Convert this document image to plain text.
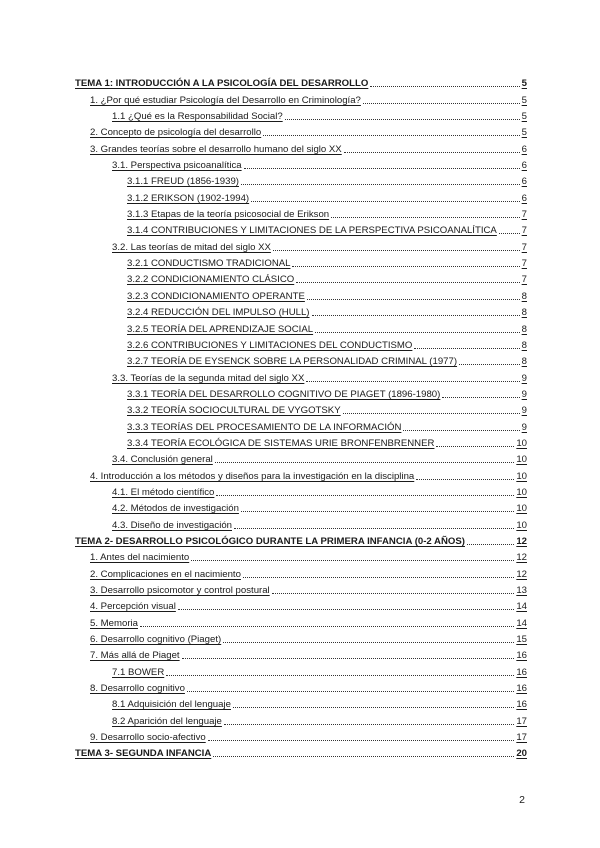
TEMA 1: INTRODUCCIÓN A LA PSICOLOGÍA DEL DESARROLLO	5
1. ¿Por qué estudiar Psicología del Desarrollo en Criminología?	5
1.1 ¿Qué es la Responsabilidad Social?	5
2. Concepto de psicología del desarrollo	5
3. Grandes teorías sobre el desarrollo humano del siglo XX	6
3.1. Perspectiva psicoanalítica	6
3.1.1 FREUD (1856-1939)	6
3.1.2 ERIKSON (1902-1994)	6
3.1.3 Etapas de la teoría psicosocial de Erikson	7
3.1.4 CONTRIBUCIONES Y LIMITACIONES DE LA PERSPECTIVA PSICOANALÍTICA	7
3.2. Las teorías de mitad del siglo XX	7
3.2.1 CONDUCTISMO TRADICIONAL	7
3.2.2 CONDICIONAMIENTO CLÁSICO	7
3.2.3 CONDICIONAMIENTO OPERANTE	8
3.2.4 REDUCCIÓN DEL IMPULSO (HULL)	8
3.2.5 TEORÍA DEL APRENDIZAJE SOCIAL	8
3.2.6 CONTRIBUCIONES Y LIMITACIONES DEL CONDUCTISMO	8
3.2.7 TEORÍA DE EYSENCK SOBRE LA PERSONALIDAD CRIMINAL (1977)	8
3.3. Teorías de la segunda mitad del siglo XX	9
3.3.1 TEORÍA DEL DESARROLLO COGNITIVO DE PIAGET (1896-1980)	9
3.3.2 TEORÍA SOCIOCULTURAL DE VYGOTSKY	9
3.3.3 TEORÍAS DEL PROCESAMIENTO DE LA INFORMACIÓN	9
3.3.4 TEORÍA ECOLÓGICA DE SISTEMAS URIE BRONFENBRENNER	10
3.4. Conclusión general	10
4. Introducción a los métodos y diseños para la investigación en la disciplina	10
4.1. El método científico	10
4.2. Métodos de investigación	10
4.3. Diseño de investigación	10
TEMA 2- DESARROLLO PSICOLÓGICO DURANTE LA PRIMERA INFANCIA (0-2 AÑOS)	12
1. Antes del nacimiento	12
2. Complicaciones en el nacimiento	12
3. Desarrollo psicomotor y control postural	13
4. Percepción visual	14
5. Memoria	14
6. Desarrollo cognitivo (Piaget)	15
7. Más allá de Piaget	16
7.1 BOWER	16
8. Desarrollo cognitivo	16
8.1 Adquisición del lenguaje	16
8.2 Aparición del lenguaje	17
9. Desarrollo socio-afectivo	17
TEMA 3- SEGUNDA INFANCIA	20
2
